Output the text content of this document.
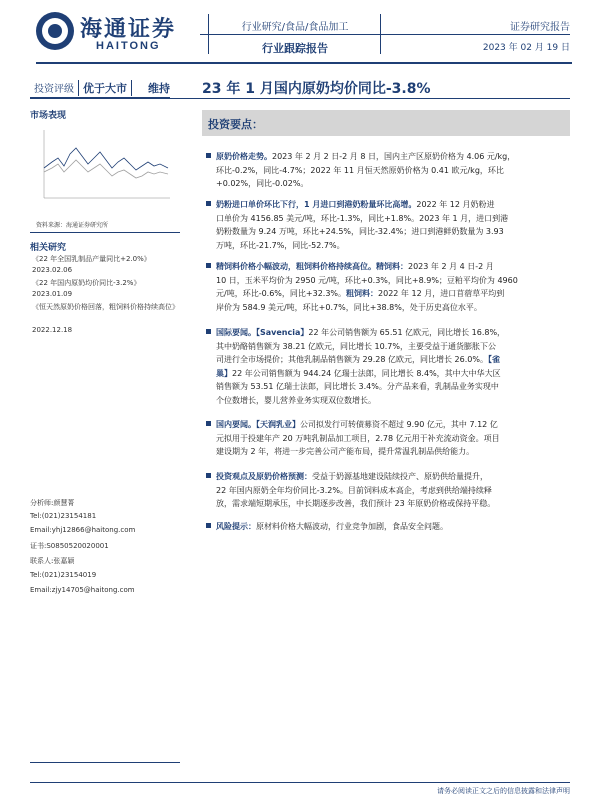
海通证券
HAITONG
行业研究/食品/食品加工
行业跟踪报告
证券研究报告
2023 年 02 月 19 日
投资评级 优于大市	维持 23 年 1 月国内原奶均价同比-3.8%
市场表现
资料来源：海通证券研究所
相关研究
《22 年全国乳制品产量同比+2.0%》
2023.02.06
《22 年国内原奶均价同比-3.2%》
2023.01.09
《恒天然原奶价格回落，粗饲料价格持续高位》
2022.12.18
分析师:颜慧菁
Tel:(021)23154181
Email:yhj12866@haitong.com
证书:S0850520020001
联系人:张嘉颖
Tel:(021)23154019
Email:zjy14705@haitong.com
投资要点：
原奶价格走势。2023 年 2 月 2 日-2 月 8 日，国内主产区原奶价格为 4.06 元/kg，
环比-0.2%，同比-4.7%；2022 年 11 月恒天然原奶价格为 0.41 欧元/kg，环比
+0.02%，同比-0.02%。
奶粉进口单价环比下行，1 月进口到港奶粉量环比高增。2022 年 12 月奶粉进
口单价为 4156.85 美元/吨，环比-1.3%，同比+1.8%。2023 年 1 月，进口到港
奶粉数量为 9.24 万吨，环比+24.5%，同比-32.4%；进口到港鲜奶数量为 3.93
万吨，环比-21.7%，同比-52.7%。
精饲料价格小幅波动，粗饲料价格持续高位。精饲料：2023 年 2 月 4 日-2 月
10 日，玉米平均价为 2950 元/吨，环比+0.3%，同比+8.9%；豆粕平均价为 4960
元/吨，环比-0.6%，同比+32.3%。粗饲料：2022 年 12 月，进口苜蓿草平均到
岸价为 584.9 美元/吨，环比+0.7%，同比+38.8%，处于历史高位水平。
国际要闻。【Savencia】22 年公司销售额为 65.51 亿欧元，同比增长 16.8%，
其中奶酪销售额为 38.21 亿欧元，同比增长 10.7%，主要受益于通货膨胀下公
司进行全市场提价；其他乳制品销售额为 29.28 亿欧元，同比增长 26.0%。【雀
巢】22 年公司销售额为 944.24 亿瑞士法郎，同比增长 8.4%，其中大中华大区
销售额为 53.51 亿瑞士法郎，同比增长 3.4%。分产品来看，乳制品业务实现中
个位数增长，婴儿营养业务实现双位数增长。
国内要闻。【天润乳业】公司拟发行可转债募资不超过 9.90 亿元，其中 7.12 亿
元拟用于投建年产 20 万吨乳制品加工项目，2.78 亿元用于补充流动资金。项目
建设期为 2 年，将进一步完善公司产能布局，提升常温乳制品供给能力。
投资观点及原奶价格预测：受益于奶源基地建设陆续投产、原奶供给量提升，
22 年国内原奶全年均价同比-3.2%。目前饲料成本高企，考虑到供给端持续释
放，需求端短期承压，中长期逐步改善，我们预计 23 年原奶价格或保持平稳。
风险提示：原材料价格大幅波动，行业竞争加剧，食品安全问题。
请务必阅读正文之后的信息披露和法律声明
